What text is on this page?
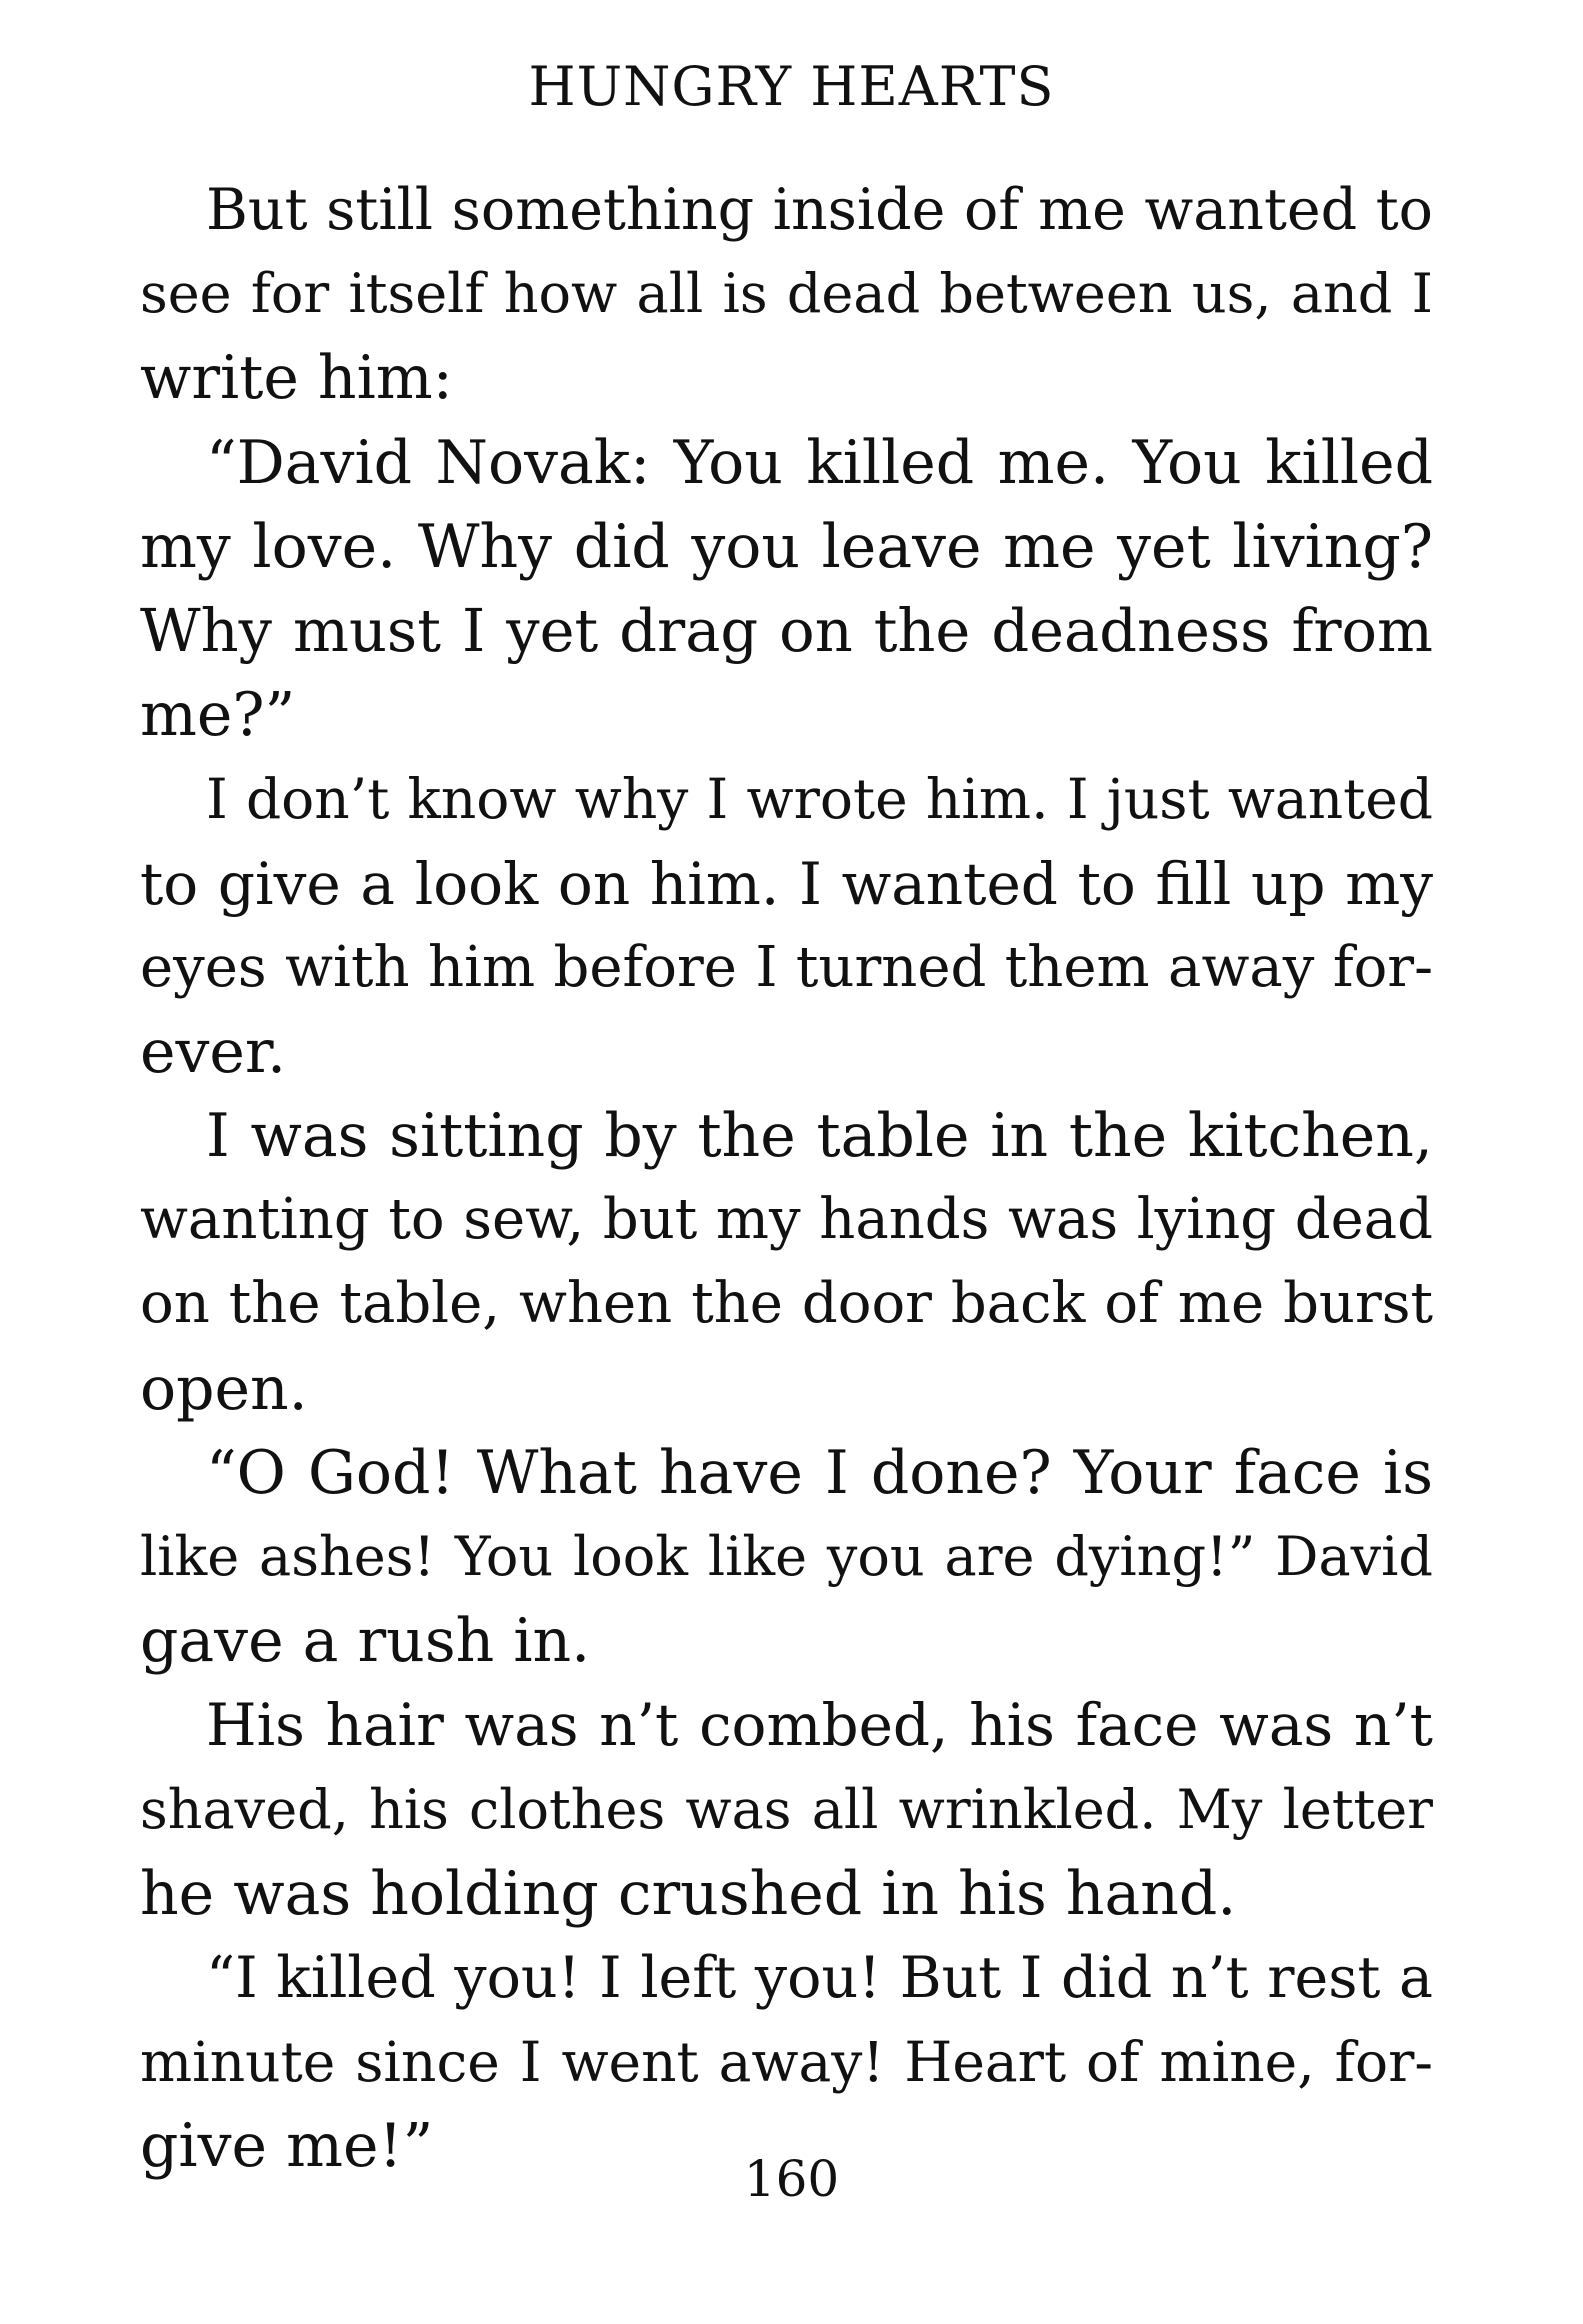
HUNGRY HEARTS
But still something inside of me wanted to
see for itself how all is dead between us, and I
write him:
“David Novak: You killed me. You killed
my love. Why did you leave me yet living?
Why must I yet drag on the deadness from
me?”
I don’t know why I wrote him. I just wanted
to give a look on him. I wanted to fill up my
eyes with him before I turned them away for-
ever.
I was sitting by the table in the kitchen,
wanting to sew, but my hands was lying dead
on the table, when the door back of me burst
open.
“O God! What have I done? Your face is
like ashes! You look like you are dying!” David
gave a rush in.
His hair was n’t combed, his face was n’t
shaved, his clothes was all wrinkled. My letter
he was holding crushed in his hand.
“I killed you! I left you! But I did n’t rest a
minute since I went away! Heart of mine, for-
give me!”	160
